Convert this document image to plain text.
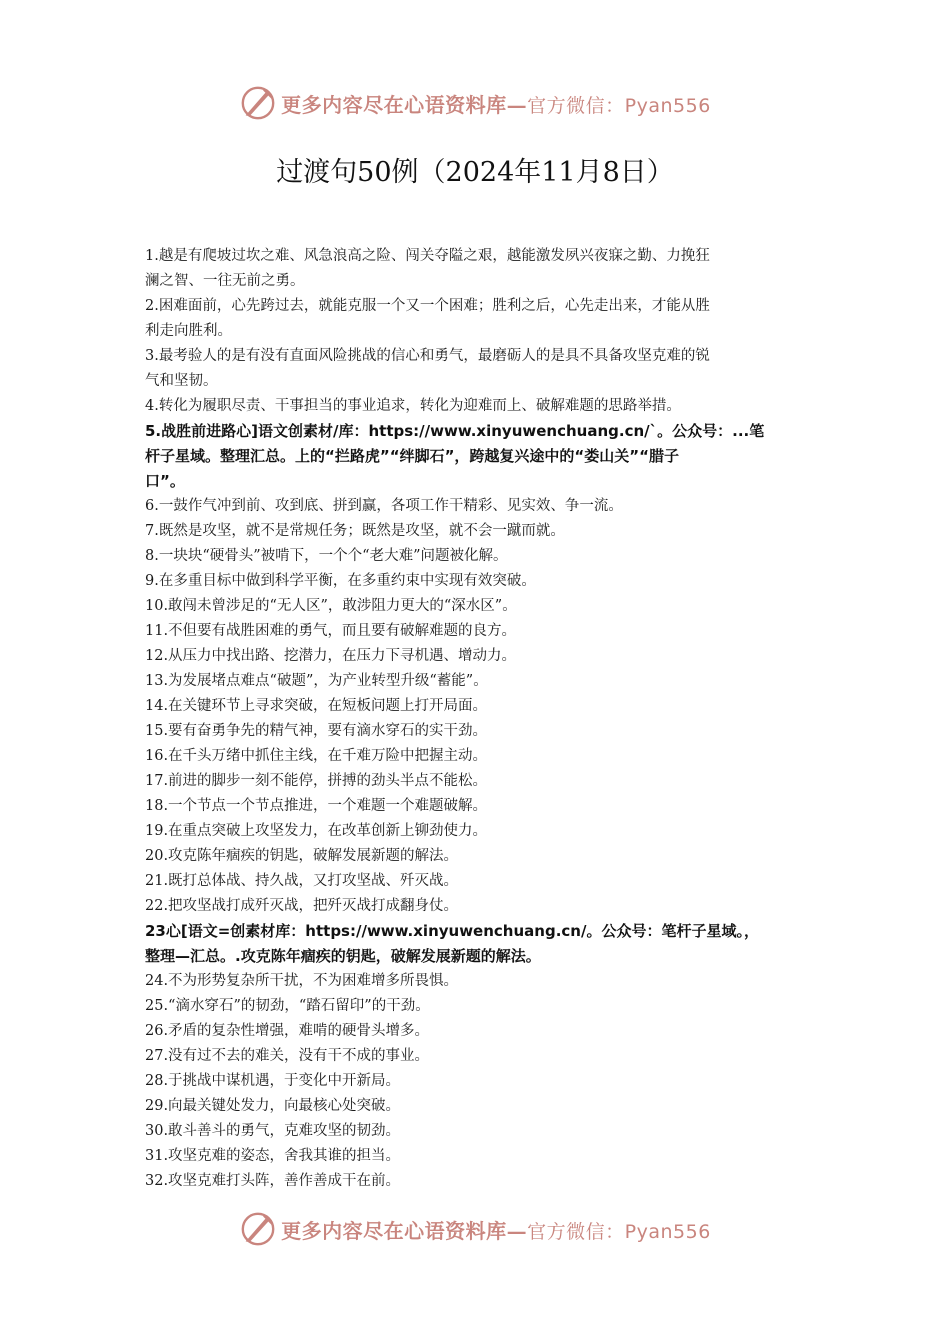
更多内容尽在心语资料库—官方微信：Pyan556
过渡句50例（2024年11月8日）
1.越是有爬坡过坎之难、风急浪高之险、闯关夺隘之艰，越能激发夙兴夜寐之勤、力挽狂
澜之智、一往无前之勇。
2.困难面前，心先跨过去，就能克服一个又一个困难；胜利之后，心先走出来，才能从胜
利走向胜利。
3.最考验人的是有没有直面风险挑战的信心和勇气，最磨砺人的是具不具备攻坚克难的锐
气和坚韧。
4.转化为履职尽责、干事担当的事业追求，转化为迎难而上、破解难题的思路举措。
5.战胜前进路心]语文创素材/库：https://www.xinyuwenchuang.cn/`。公众号：...笔
杆子星域。整理汇总。上的“拦路虎”“绊脚石”，跨越复兴途中的“娄山关”“腊子
口”。
6.一鼓作气冲到前、攻到底、拼到赢，各项工作干精彩、见实效、争一流。
7.既然是攻坚，就不是常规任务；既然是攻坚，就不会一蹴而就。
8.一块块“硬骨头”被啃下，一个个“老大难”问题被化解。
9.在多重目标中做到科学平衡，在多重约束中实现有效突破。
10.敢闯未曾涉足的“无人区”，敢涉阻力更大的“深水区”。
11.不但要有战胜困难的勇气，而且要有破解难题的良方。
12.从压力中找出路、挖潜力，在压力下寻机遇、增动力。
13.为发展堵点难点“破题”，为产业转型升级“蓄能”。
14.在关键环节上寻求突破，在短板问题上打开局面。
15.要有奋勇争先的精气神，要有滴水穿石的实干劲。
16.在千头万绪中抓住主线，在千难万险中把握主动。
17.前进的脚步一刻不能停，拼搏的劲头半点不能松。
18.一个节点一个节点推进，一个难题一个难题破解。
19.在重点突破上攻坚发力，在改革创新上铆劲使力。
20.攻克陈年痼疾的钥匙，破解发展新题的解法。
21.既打总体战、持久战，又打攻坚战、歼灭战。
22.把攻坚战打成歼灭战，把歼灭战打成翻身仗。
23心[语文=创素材库：https://www.xinyuwenchuang.cn/。公众号：笔杆子星域。，
整理—汇总。.攻克陈年痼疾的钥匙，破解发展新题的解法。
24.不为形势复杂所干扰，不为困难增多所畏惧。
25.“滴水穿石”的韧劲，“踏石留印”的干劲。
26.矛盾的复杂性增强，难啃的硬骨头增多。
27.没有过不去的难关，没有干不成的事业。
28.于挑战中谋机遇，于变化中开新局。
29.向最关键处发力，向最核心处突破。
30.敢斗善斗的勇气，克难攻坚的韧劲。
31.攻坚克难的姿态，舍我其谁的担当。
32.攻坚克难打头阵，善作善成干在前。
更多内容尽在心语资料库—官方微信：Pyan556
